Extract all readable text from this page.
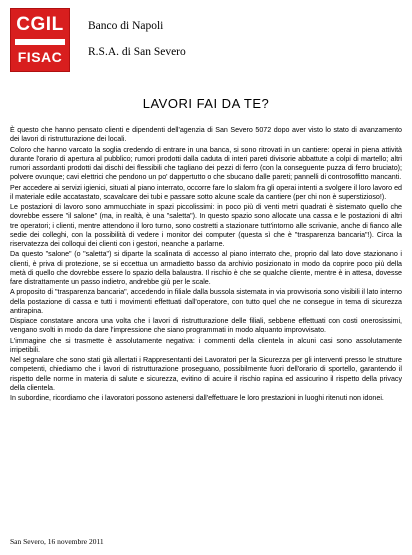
CGIL
FISAC
Banco di Napoli
R.S.A. di San Severo
LAVORI FAI DA TE?

È questo che hanno pensato clienti e dipendenti dell'agenzia di San Severo 5072 dopo aver visto lo stato di avanzamento dei lavori di ristrutturazione dei locali.

Coloro che hanno varcato la soglia credendo di entrare in una banca, si sono ritrovati in un cantiere: operai in piena attività durante l'orario di apertura al pubblico; rumori prodotti dalla caduta di interi pareti divisorie abbattute a colpi di martello; altri rumori assordanti prodotti dai dischi dei flessibili che tagliano dei pezzi di ferro (con la conseguente puzza di ferro bruciato); polvere ovunque; cavi elettrici che pendono un po' dappertutto o che sbucano dalle pareti; pannelli di controsoffitto mancanti.

Per accedere ai servizi igienici, situati al piano interrato, occorre fare lo slalom fra gli operai intenti a svolgere il loro lavoro ed il materiale edile accatastato, scavalcare dei tubi e passare sotto alcune scale da cantiere (per chi non è superstizioso!).

Le postazioni di lavoro sono ammucchiate in spazi piccolissimi: in poco più di venti metri quadrati è sistemato quello che dovrebbe essere "il salone" (ma, in realtà, è una "saletta"). In questo spazio sono allocate una cassa e le postazioni di altri tre operatori; i clienti, mentre attendono il loro turno, sono costretti a stazionare tutt'intorno alle scrivanie, anche di fianco alle sedie dei colleghi, con la possibilità di vedere i monitor dei computer (questa sì che è "trasparenza bancaria"!). Circa la riservatezza dei colloqui dei clienti con i gestori, neanche a parlarne.

Da questo "salone" (o "saletta") si diparte la scalinata di accesso al piano interrato che, proprio dal lato dove stazionano i clienti, è priva di protezione, se si eccettua un armadietto basso da archivio posizionato in modo da coprire poco più della metà di quello che dovrebbe essere lo spazio della balaustra. Il rischio è che se qualche cliente, mentre è in attesa, dovesse fare distrattamente un passo indietro, andrebbe giù per le scale.

A proposito di "trasparenza bancaria", accedendo in filiale dalla bussola sistemata in via provvisoria sono visibili il lato interno della postazione di cassa e tutti i movimenti effettuati dall'operatore, con tutto quel che ne consegue in tema di sicurezza antirapina.

Dispiace constatare ancora una volta che i lavori di ristrutturazione delle filiali, sebbene effettuati con costi onerosissimi, vengano svolti in modo da dare l'impressione che siano programmati in modo alquanto improvvisato.

L'immagine che si trasmette è assolutamente negativa: i commenti della clientela in alcuni casi sono assolutamente irripetibili.

Nel segnalare che sono stati già allertati i Rappresentanti dei Lavoratori per la Sicurezza per gli interventi presso le strutture competenti, chiediamo che i lavori di ristrutturazione proseguano, possibilmente fuori dell'orario di sportello, garantendo il rispetto delle norme in materia di salute e sicurezza, evitino di acuire il rischio rapina ed assicurino il rispetto della privacy della clientela.

In subordine, ricordiamo che i lavoratori possono astenersi dall'effettuare le loro prestazioni in luoghi ritenuti non idonei.

San Severo, 16 novembre 2011
